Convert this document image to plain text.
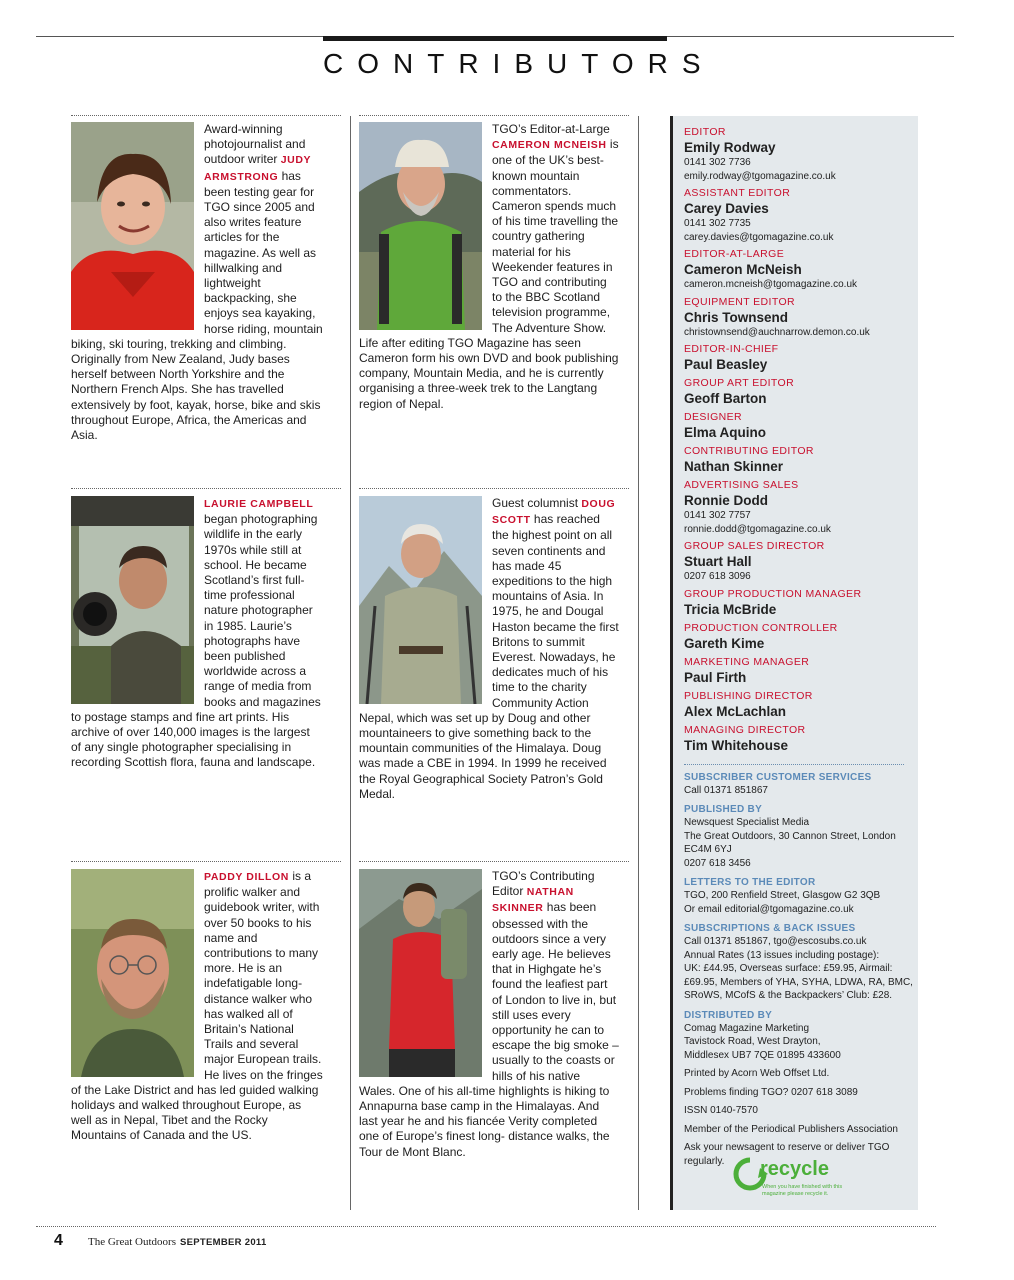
CONTRIBUTORS
Award-winning photojournalist and outdoor writer JUDY ARMSTRONG has been testing gear for TGO since 2005 and also writes feature articles for the magazine. As well as hillwalking and lightweight backpacking, she enjoys sea kayaking, horse riding, mountain biking, ski touring, trekking and climbing. Originally from New Zealand, Judy bases herself between North Yorkshire and the Northern French Alps. She has travelled extensively by foot, kayak, horse, bike and skis throughout Europe, Africa, the Americas and Asia.
TGO’s Editor-at-Large CAMERON MCNEISH is one of the UK’s best-known mountain commentators. Cameron spends much of his time travelling the country gathering material for his Weekender features in TGO and contributing to the BBC Scotland television programme, The Adventure Show. Life after editing TGO Magazine has seen Cameron form his own DVD and book publishing company, Mountain Media, and he is currently organising a three-week trek to the Langtang region of Nepal.
LAURIE CAMPBELL began photographing wildlife in the early 1970s while still at school. He became Scotland’s first full-time professional nature photographer in 1985. Laurie’s photographs have been published worldwide across a range of media from books and magazines to postage stamps and fine art prints. His archive of over 140,000 images is the largest of any single photographer specialising in recording Scottish flora, fauna and landscape.
Guest columnist DOUG SCOTT has reached the highest point on all seven continents and has made 45 expeditions to the high mountains of Asia. In 1975, he and Dougal Haston became the first Britons to summit Everest. Nowadays, he dedicates much of his time to the charity Community Action Nepal, which was set up by Doug and other mountaineers to give something back to the mountain communities of the Himalaya. Doug was made a CBE in 1994. In 1999 he received the Royal Geographical Society Patron’s Gold Medal.
PADDY DILLON is a prolific walker and guidebook writer, with over 50 books to his name and contributions to many more. He is an indefatigable long-distance walker who has walked all of Britain’s National Trails and several major European trails. He lives on the fringes of the Lake District and has led guided walking holidays and walked throughout Europe, as well as in Nepal, Tibet and the Rocky Mountains of Canada and the US.
TGO’s Contributing Editor NATHAN SKINNER has been obsessed with the outdoors since a very early age. He believes that in Highgate he’s found the leafiest part of London to live in, but still uses every opportunity he can to escape the big smoke – usually to the coasts or hills of his native Wales. One of his all-time highlights is hiking to Annapurna base camp in the Himalayas. And last year he and his fiancée Verity completed one of Europe’s finest long- distance walks, the Tour de Mont Blanc.
EDITOR
Emily Rodway
0141 302 7736
emily.rodway@tgomagazine.co.uk
ASSISTANT EDITOR
Carey Davies
0141 302 7735
carey.davies@tgomagazine.co.uk
EDITOR-AT-LARGE
Cameron McNeish
cameron.mcneish@tgomagazine.co.uk
EQUIPMENT EDITOR
Chris Townsend
christownsend@auchnarrow.demon.co.uk
EDITOR-IN-CHIEF
Paul Beasley
GROUP ART EDITOR
Geoff Barton
DESIGNER
Elma Aquino
CONTRIBUTING EDITOR
Nathan Skinner
ADVERTISING SALES
Ronnie Dodd
0141 302 7757
ronnie.dodd@tgomagazine.co.uk
GROUP SALES DIRECTOR
Stuart Hall
0207 618 3096
GROUP PRODUCTION MANAGER
Tricia McBride
PRODUCTION CONTROLLER
Gareth Kime
MARKETING MANAGER
Paul Firth
PUBLISHING DIRECTOR
Alex McLachlan
MANAGING DIRECTOR
Tim Whitehouse
SUBSCRIBER CUSTOMER SERVICES
Call 01371 851867
PUBLISHED BY
Newsquest Specialist Media
The Great Outdoors, 30 Cannon Street, London EC4M 6YJ
0207 618 3456
LETTERS TO THE EDITOR
TGO, 200 Renfield Street, Glasgow G2 3QB
Or email editorial@tgomagazine.co.uk
SUBSCRIPTIONS & BACK ISSUES
Call 01371 851867, tgo@escosubs.co.uk
Annual Rates (13 issues including postage):
UK: £44.95, Overseas surface: £59.95, Airmail:
£69.95, Members of YHA, SYHA, LDWA, RA, BMC,
SRoWS, MCofS & the Backpackers’ Club: £28.
DISTRIBUTED BY
Comag Magazine Marketing
Tavistock Road, West Drayton,
Middlesex UB7 7QE 01895 433600
Printed by Acorn Web Offset Ltd.
Problems finding TGO? 0207 618 3089
ISSN 0140-7570
Member of the Periodical Publishers Association
Ask your newsagent to reserve or deliver TGO regularly.	recycle
When you have finished with this magazine please recycle it.
4 The Great Outdoors SEPTEMBER 2011
